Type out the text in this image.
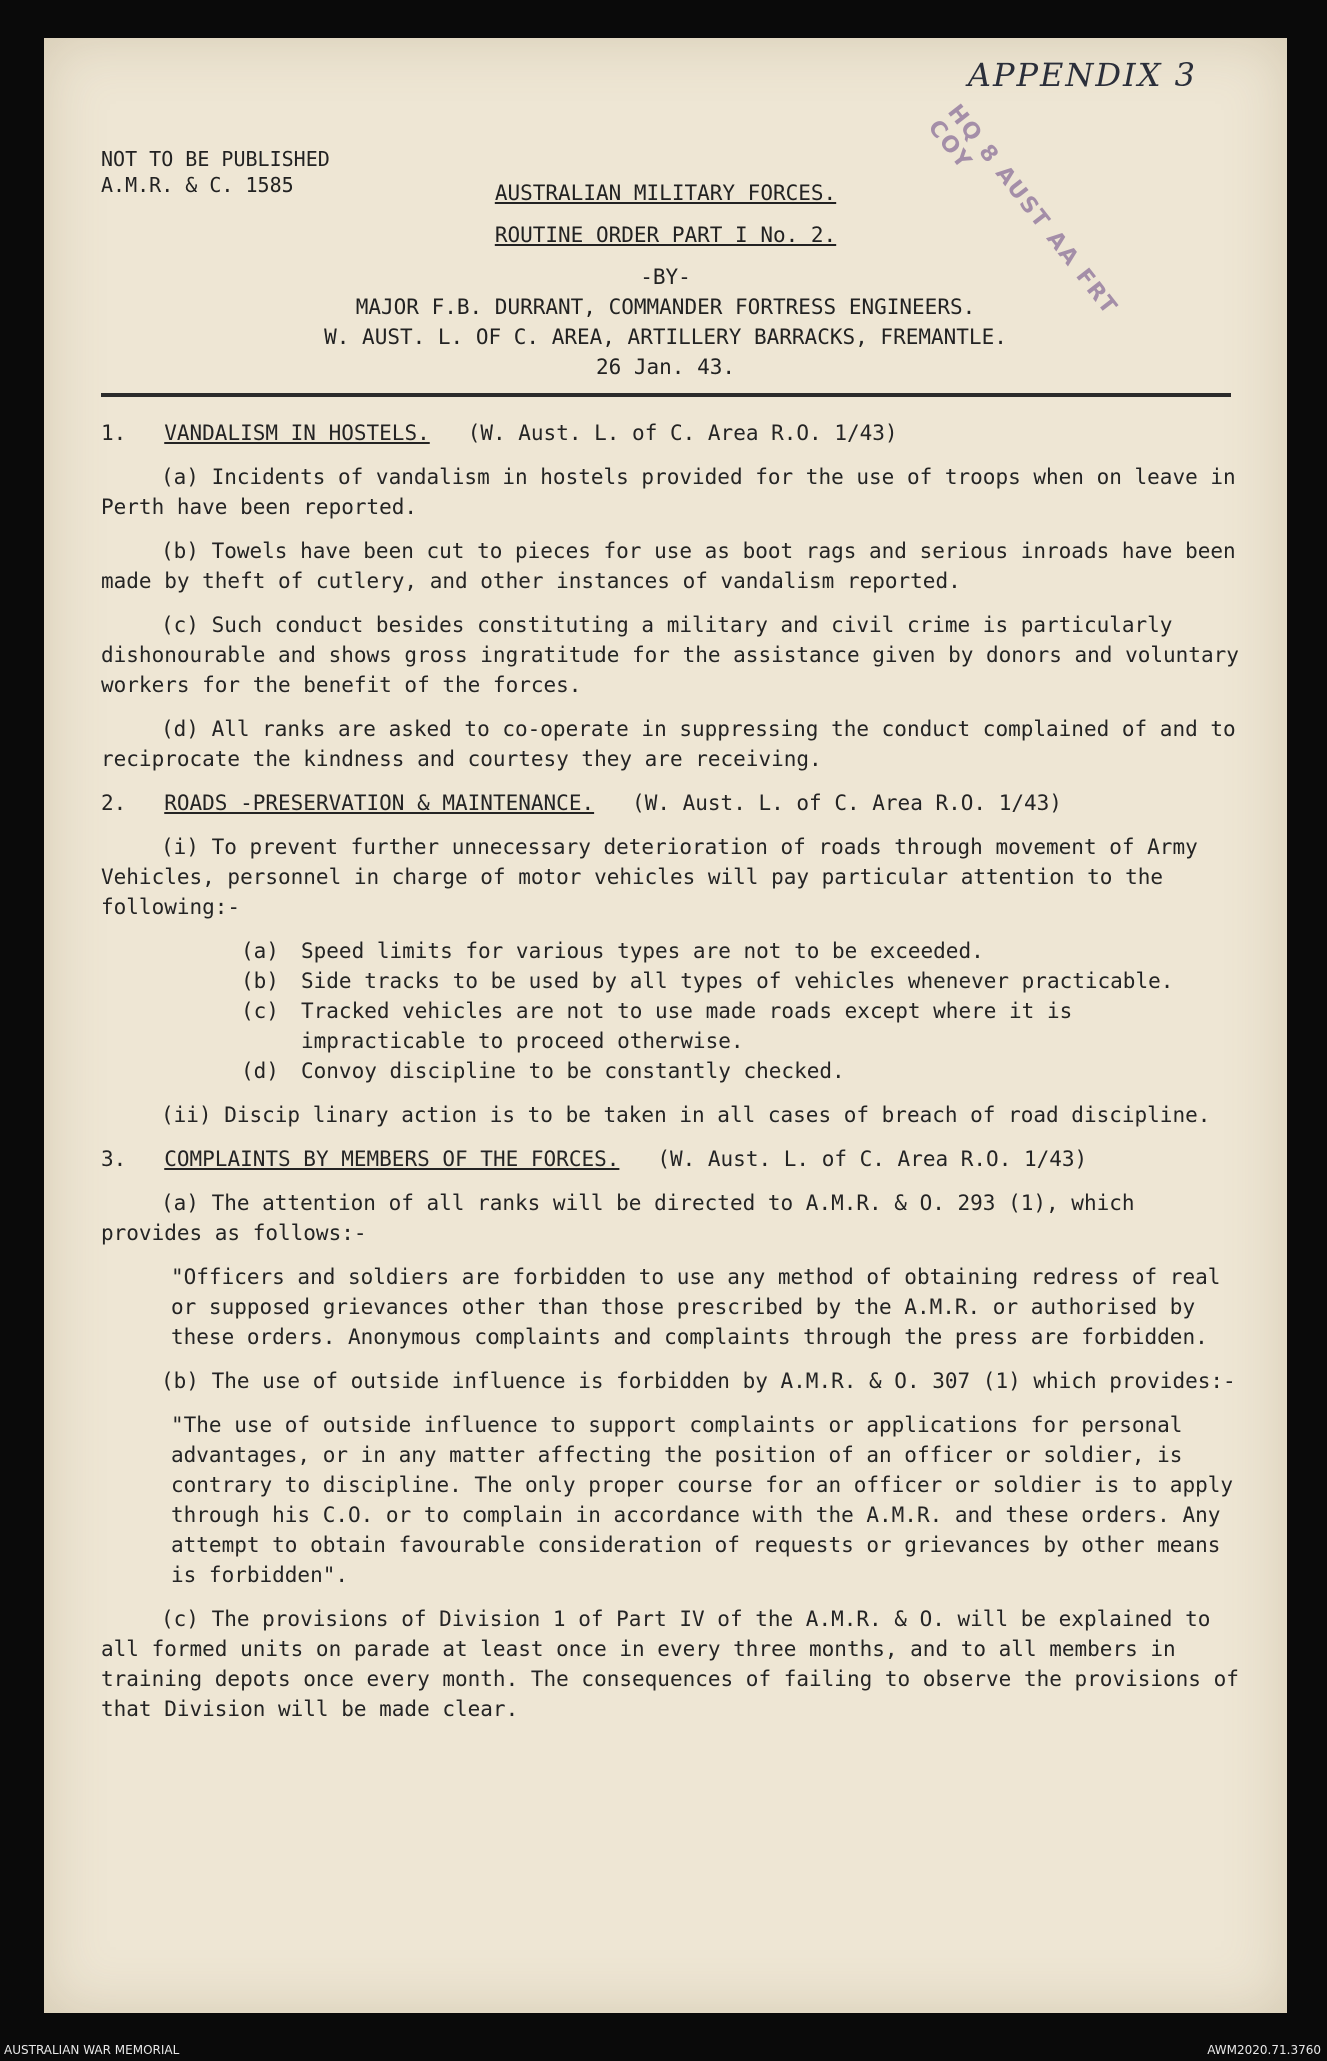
APPENDIX 3
HQ 8 AUST AA FRT COY
NOT TO BE PUBLISHED
A.M.R. & C. 1585	AUSTRALIAN MILITARY FORCES.
ROUTINE ORDER PART I No. 2.
-BY-
MAJOR F.B. DURRANT, COMMANDER FORTRESS ENGINEERS.
W. AUST. L. OF C. AREA, ARTILLERY BARRACKS, FREMANTLE.
26 Jan. 43.
1. VANDALISM IN HOSTELS. (W. Aust. L. of C. Area R.O. 1/43)
(a) Incidents of vandalism in hostels provided for the use of troops when on leave in Perth have been reported.
(b) Towels have been cut to pieces for use as boot rags and serious inroads have been made by theft of cutlery, and other instances of vandalism reported.
(c) Such conduct besides constituting a military and civil crime is particularly dishonourable and shows gross ingratitude for the assistance given by donors and voluntary workers for the benefit of the forces.
(d) All ranks are asked to co-operate in suppressing the conduct complained of and to reciprocate the kindness and courtesy they are receiving.
2. ROADS -PRESERVATION & MAINTENANCE. (W. Aust. L. of C. Area R.O. 1/43)
(i) To prevent further unnecessary deterioration of roads through movement of Army Vehicles, personnel in charge of motor vehicles will pay particular attention to the following:-
(a)	Speed limits for various types are not to be exceeded.
(b)	Side tracks to be used by all types of vehicles whenever practicable.
(c)	Tracked vehicles are not to use made roads except where it is impracticable to proceed otherwise.
(d)	Convoy discipline to be constantly checked.
(ii) Discip linary action is to be taken in all cases of breach of road discipline.
3. COMPLAINTS BY MEMBERS OF THE FORCES. (W. Aust. L. of C. Area R.O. 1/43)
(a) The attention of all ranks will be directed to A.M.R. & O. 293 (1), which provides as follows:-
"Officers and soldiers are forbidden to use any method of obtaining redress of real or supposed grievances other than those prescribed by the A.M.R. or authorised by these orders. Anonymous complaints and complaints through the press are forbidden.
(b) The use of outside influence is forbidden by A.M.R. & O. 307 (1) which provides:-
"The use of outside influence to support complaints or applications for personal advantages, or in any matter affecting the position of an officer or soldier, is contrary to discipline. The only proper course for an officer or soldier is to apply through his C.O. or to complain in accordance with the A.M.R. and these orders. Any attempt to obtain favourable consideration of requests or grievances by other means is forbidden".
(c) The provisions of Division 1 of Part IV of the A.M.R. & O. will be explained to all formed units on parade at least once in every three months, and to all members in training depots once every month. The consequences of failing to observe the provisions of that Division will be made clear.
AUSTRALIAN WAR MEMORIAL	AWM2020.71.3760
